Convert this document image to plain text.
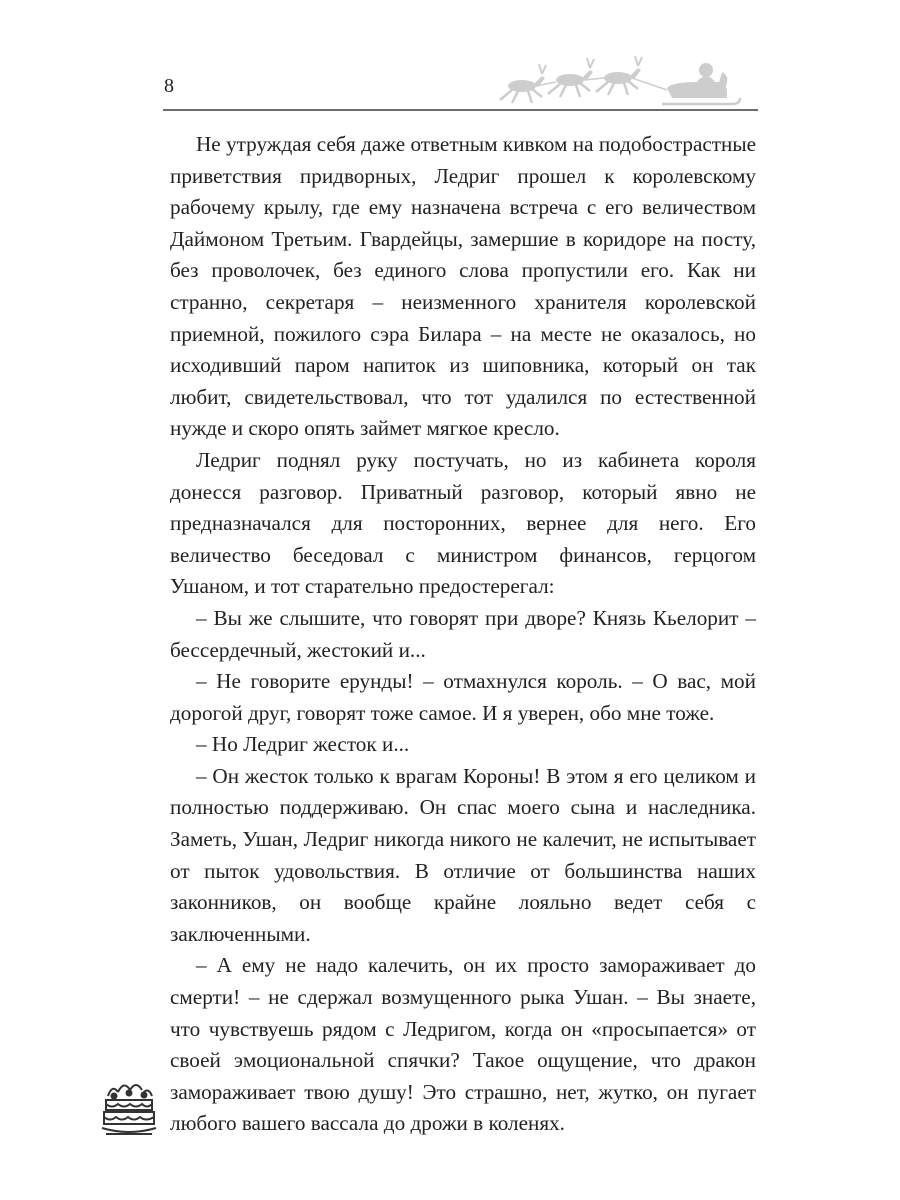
8

Не утруждая себя даже ответным кивком на подобострастные приветствия придворных, Ледриг прошел к королевскому рабочему крылу, где ему назначена встреча с его величеством Даймоном Третьим. Гвардейцы, замершие в коридоре на посту, без проволочек, без единого слова пропустили его. Как ни странно, секретаря – неизменного хранителя королевской приемной, пожилого сэра Билара – на месте не оказалось, но исходивший паром напиток из шиповника, который он так любит, свидетельствовал, что тот удалился по естественной нужде и скоро опять займет мягкое кресло.

Ледриг поднял руку постучать, но из кабинета короля донесся разговор. Приватный разговор, который явно не предназначался для посторонних, вернее для него. Его величество беседовал с министром финансов, герцогом Ушаном, и тот старательно предостерегал:

– Вы же слышите, что говорят при дворе? Князь Кьелорит – бессердечный, жестокий и...

– Не говорите ерунды! – отмахнулся король. – О вас, мой дорогой друг, говорят тоже самое. И я уверен, обо мне тоже.

– Но Ледриг жесток и...

– Он жесток только к врагам Короны! В этом я его целиком и полностью поддерживаю. Он спас моего сына и наследника. Заметь, Ушан, Ледриг никогда никого не калечит, не испытывает от пыток удовольствия. В отличие от большинства наших законников, он вообще крайне лояльно ведет себя с заключенными.

– А ему не надо калечить, он их просто замораживает до смерти! – не сдержал возмущенного рыка Ушан. – Вы знаете, что чувствуешь рядом с Ледригом, когда он «просыпается» от своей эмоциональной спячки? Такое ощущение, что дракон замораживает твою душу! Это страшно, нет, жутко, он пугает любого вашего вассала до дрожи в коленях.
